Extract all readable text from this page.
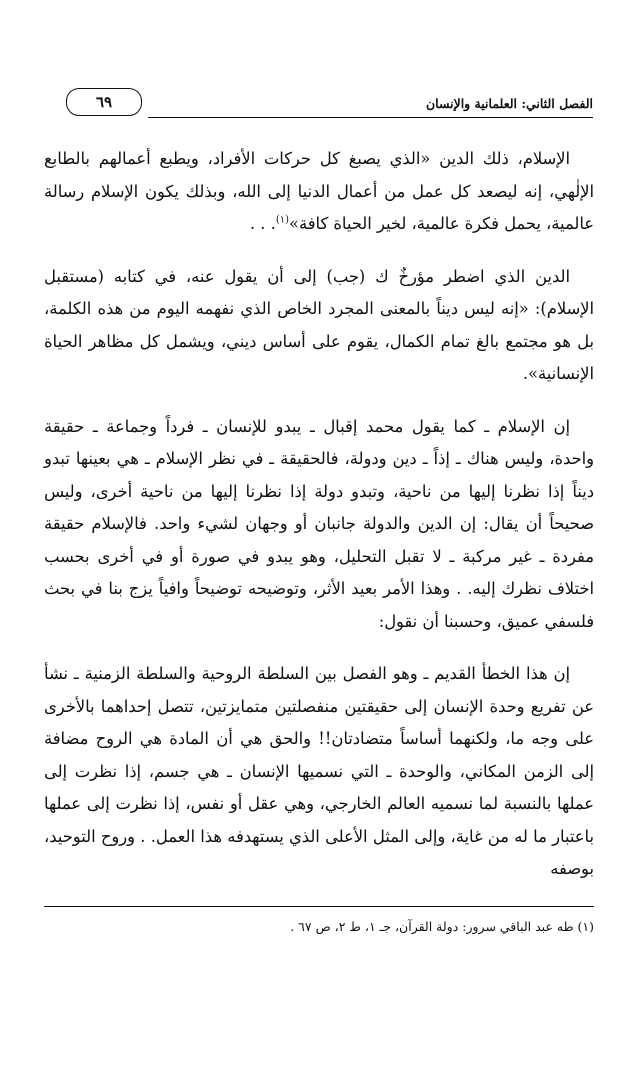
٦٩	الفصل الثاني: العلمانية والإنسان

الإسلام، ذلك الدين «الذي يصبغ كل حركات الأفراد، ويطبع أعمالهم بالطابع الإلٰهي، إنه ليصعد كل عمل من أعمال الدنيا إلى الله، وبذلك يكون الإسلام رسالة عالمية، يحمل فكرة عالمية، لخير الحياة كافة»$^{(١)}$. . .

الدين الذي اضطر مؤرخٌ ك (جب) إلى أن يقول عنه، في كتابه (مستقبل الإسلام): «إنه ليس ديناً بالمعنى المجرد الخاص الذي نفهمه اليوم من هذه الكلمة، بل هو مجتمع بالغ تمام الكمال، يقوم على أساس ديني، ويشمل كل مظاهر الحياة الإنسانية».

إن الإسلام ـ كما يقول محمد إقبال ـ يبدو للإنسان ـ فرداً وجماعة ـ حقيقة واحدة، وليس هناك ـ إذاً ـ دين ودولة، فالحقيقة ـ في نظر الإسلام ـ هي بعينها تبدو ديناً إذا نظرنا إليها من ناحية، وتبدو دولة إذا نظرنا إليها من ناحية أخرى، وليس صحيحاً أن يقال: إن الدين والدولة جانبان أو وجهان لشيء واحد. فالإسلام حقيقة مفردة ـ غير مركبة ـ لا تقبل التحليل، وهو يبدو في صورة أو في أخرى بحسب اختلاف نظرك إليه. . وهذا الأمر بعيد الأثر، وتوضيحه توضيحاً وافياً يزج بنا في بحث فلسفي عميق، وحسبنا أن نقول:

إن هذا الخطأ القديم ـ وهو الفصل بين السلطة الروحية والسلطة الزمنية ـ نشأ عن تفريع وحدة الإنسان إلى حقيقتين منفصلتين متمايزتين، تتصل إحداهما بالأخرى على وجه ما، ولكنهما أساساً متضادتان!! والحق هي أن المادة هي الروح مضافة إلى الزمن المكاني، والوحدة ـ التي نسميها الإنسان ـ هي جسم، إذا نظرت إلى عملها بالنسبة لما نسميه العالم الخارجي، وهي عقل أو نفس، إذا نظرت إلى عملها باعتبار ما له من غاية، وإلى المثل الأعلى الذي يستهدفه هذا العمل. . وروح التوحيد، بوصفه

(١) طه عبد الباقي سرور: دولة القرآن، جـ ١، ط ٢، ص ٦٧ .
